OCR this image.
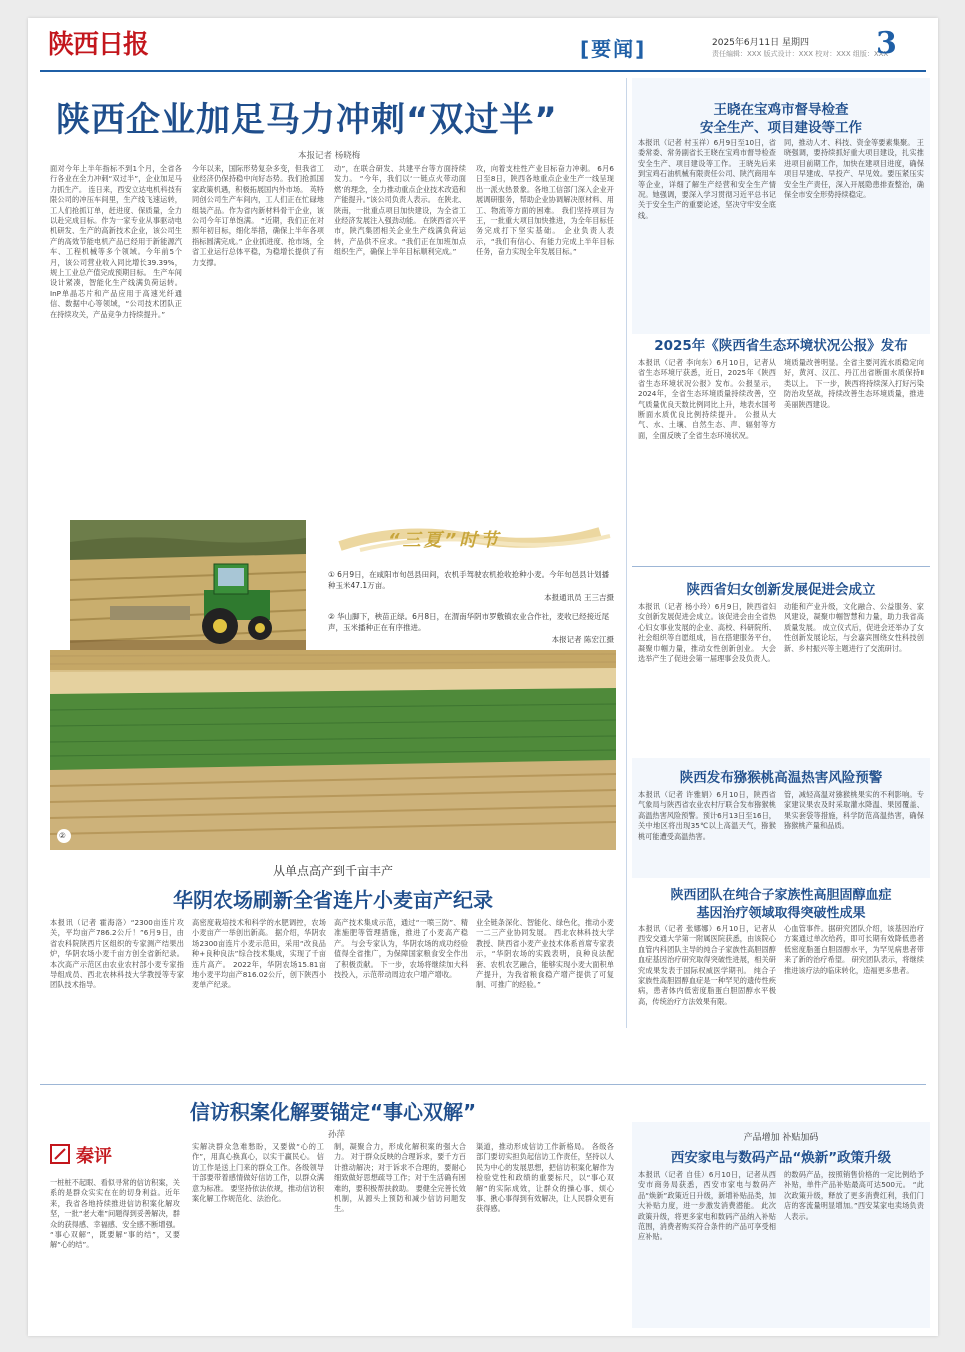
陕西日报	[要闻]	2025年6月11日 星期四
责任编辑：XXX 版式设计：XXX 校对：XXX 组版：XXX
3
陕西企业加足马力冲刺“双过半”
本报记者 杨晓梅
面对今年上半年指标不到1个月，全省各行各业在全力冲刺“双过半”，企业加足马力抓生产。 连日来，西安立达电机科技有限公司的冲压车间里，生产线飞速运转，工人们抢抓订单，赶进度、保质量，全力以赴完成目标。作为一家专业从事驱动电机研发、生产的高新技术企业，该公司生产的高效节能电机产品已经用于新能源汽车、工程机械等多个领域。今年前5个月，该公司营业收入同比增长39.39%，规上工业总产值完成预期目标。 生产车间设计紧凑，智能化生产线满负荷运转。 InP单晶芯片和产品应用于高速光纤通信、数据中心等领域，“公司技术团队正在持续攻关，产品竞争力持续提升。”
今年以来，国际形势复杂多变，但我省工业经济仍保持稳中向好态势。我们抢抓国家政策机遇，积极拓展国内外市场。 英特同创公司生产车间内，工人们正在忙碌地组装产品。作为省内新材料骨干企业，该公司今年订单饱满。 “近期，我们正在对照年初目标，细化举措，确保上半年各项指标圆满完成。” 企业抓进度、抢市场，全省工业运行总体平稳，为稳增长提供了有力支撑。
动”，在联合研发、共建平台等方面持续发力。 “今年，我们以‘一链点火带动面燃’的理念，全力推动重点企业技术改造和产能提升。”该公司负责人表示。 在陕北、陕南，一批重点项目加快建设，为全省工业经济发展注入强劲动能。 在陕西省兴平市，陕汽集团相关企业生产线满负荷运转，产品供不应求。“我们正在加班加点组织生产，确保上半年目标顺利完成。”
攻，向着支柱性产业目标奋力冲刺。 6月6日至8日，陕西各地重点企业生产一线呈现出一派火热景象。各地工信部门深入企业开展调研服务，帮助企业协调解决原材料、用工、物流等方面的困难。 我们坚持项目为王，一批重大项目加快推进，为全年目标任务完成打下坚实基础。 企业负责人表示，“我们有信心、有能力完成上半年目标任务，奋力实现全年发展目标。”
“三夏”时节
① 6月9日，在咸阳市旬邑县田间，农机手驾驶农机抢收抢种小麦。今年旬邑县计划播种玉米47.1万亩。
本报通讯员 王三吉摄
② 华山脚下，秧苗正绿。6月8日，在渭南华阴市罗敷镇农业合作社，麦收已经接近尾声，玉米播种正在有序推进。
本报记者 陈宏江摄
②
从单点高产到千亩丰产
华阴农场刷新全省连片小麦亩产纪录
本报讯（记者 霍海洛）“2300亩连片攻关，平均亩产786.2公斤！”6月9日，由省农科院陕西片区组织的专家测产结果出炉，华阴农场小麦千亩方创全省新纪录。 本次高产示范区由农业农村部小麦专家指导组成员、西北农林科技大学教授等专家团队技术指导。
高密度栽培技术和科学的水肥调控，农场小麦亩产一举创出新高。 据介绍，华阴农场2300亩连片小麦示范田，采用“改良品种+良种良法”综合技术集成，实现了千亩连片高产。 2022年，华阴农场15.81亩地小麦平均亩产816.02公斤，创下陕西小麦单产纪录。
高产技术集成示范，通过“一喷三防”、精准施肥等管理措施，推进了小麦高产稳产。 与会专家认为，华阴农场的成功经验值得全省推广，为保障国家粮食安全作出了积极贡献。 下一步，农场将继续加大科技投入，示范带动周边农户增产增收。
业全链条深化、智能化、绿色化，推动小麦一二三产业协同发展。 西北农林科技大学教授、陕西省小麦产业技术体系首席专家表示，“华阴农场的实践表明，良种良法配套、农机农艺融合，能够实现小麦大面积单产提升，为我省粮食稳产增产提供了可复制、可推广的经验。”
信访积案化解要锚定“事心双解”
孙萍
秦评
一桩桩不起眼、看似寻常的信访积案，关系的是群众实实在在的切身利益。近年来，我省各地持续推进信访积案化解攻坚，一批“老大难”问题得到妥善解决，群众的获得感、幸福感、安全感不断增强。 “事心双解”，既要解“事的结”，又要解“心的结”。
实解决群众急难愁盼，又要做“心的工作”，用真心换真心，以实干赢民心。 信访工作是送上门来的群众工作。各级领导干部要带着感情做好信访工作，以群众满意为标准。 要坚持依法依规，推动信访积案化解工作规范化、法治化。
制，凝聚合力，形成化解积案的强大合力。 对于群众反映的合理诉求，要千方百计推动解决；对于诉求不合理的，要耐心细致做好思想疏导工作；对于生活确有困难的，要积极帮扶救助。 要健全完善长效机制，从源头上预防和减少信访问题发生。
渠道，推动形成信访工作新格局。 各级各部门要切实担负起信访工作责任，坚持以人民为中心的发展思想，把信访积案化解作为检验党性和政绩的重要标尺，以“事心双解”的实际成效，让群众的操心事、烦心事、揪心事得到有效解决，让人民群众更有获得感。
王晓在宝鸡市督导检查
安全生产、项目建设等工作
本报讯（记者 村玉祥）6月9日至10日，省委常委、常务副省长王晓在宝鸡市督导检查安全生产、项目建设等工作。 王晓先后来到宝鸡石油机械有限责任公司、陕汽商用车等企业，详细了解生产经营和安全生产情况。她强调，要深入学习贯彻习近平总书记关于安全生产的重要论述，坚决守牢安全底线。
同，推动人才、科技、资金等要素集聚。 王晓强调，要持续抓好重大项目建设，扎实推进项目前期工作，加快在建项目进度，确保项目早建成、早投产、早见效。要压紧压实安全生产责任，深入开展隐患排查整治，确保全市安全形势持续稳定。
2025年《陕西省生态环境状况公报》发布
本报讯（记者 李向东）6月10日，记者从省生态环境厅获悉，近日，2025年《陕西省生态环境状况公报》发布。公报显示，2024年，全省生态环境质量持续改善，空气质量优良天数比例同比上升，地表水国考断面水质优良比例持续提升。 公报从大气、水、土壤、自然生态、声、辐射等方面，全面反映了全省生态环境状况。
境质量改善明显。全省主要河流水质稳定向好，黄河、汉江、丹江出省断面水质保持Ⅱ类以上。 下一步，陕西将持续深入打好污染防治攻坚战，持续改善生态环境质量，推进美丽陕西建设。
陕西省妇女创新发展促进会成立
本报讯（记者 杨小玲）6月9日，陕西省妇女创新发展促进会成立。该促进会由全省热心妇女事业发展的企业、高校、科研院所、社会组织等自愿组成，旨在搭建服务平台，凝聚巾帼力量，推动女性创新创业。 大会选举产生了促进会第一届理事会及负责人。
动能和产业升级，文化融合、公益服务、家风建设，凝聚巾帼智慧和力量，助力我省高质量发展。 成立仪式后，促进会还举办了女性创新发展论坛，与会嘉宾围绕女性科技创新、乡村振兴等主题进行了交流研讨。
陕西发布猕猴桃高温热害风险预警
本报讯（记者 许雅娟）6月10日，陕西省气象局与陕西省农业农村厅联合发布猕猴桃高温热害风险预警。预计6月13日至16日，关中地区将出现35℃以上高温天气，猕猴桃可能遭受高温热害。
管，减轻高温对猕猴桃果实的不利影响。专家建议果农及时采取灌水降温、果园覆盖、果实套袋等措施，科学防范高温热害，确保猕猴桃产量和品质。
陕西团队在纯合子家族性高胆固醇血症
基因治疗领域取得突破性成果
本报讯（记者 张娜娜）6月10日，记者从西安交通大学第一附属医院获悉，由该院心血管内科团队主导的纯合子家族性高胆固醇血症基因治疗研究取得突破性进展，相关研究成果发表于国际权威医学期刊。 纯合子家族性高胆固醇血症是一种罕见的遗传性疾病，患者体内低密度脂蛋白胆固醇水平极高，传统治疗方法效果有限。
心血管事件。据研究团队介绍，该基因治疗方案通过单次给药，即可长期有效降低患者低密度脂蛋白胆固醇水平，为罕见病患者带来了新的治疗希望。 研究团队表示，将继续推进该疗法的临床转化，造福更多患者。
产品增加 补贴加码
西安家电与数码产品“焕新”政策升级
本报讯（记者 自佳）6月10日，记者从西安市商务局获悉，西安市家电与数码产品“焕新”政策近日升级，新增补贴品类，加大补贴力度，进一步激发消费潜能。 此次政策升级，将更多家电和数码产品纳入补贴范围，消费者购买符合条件的产品可享受相应补贴。
的数码产品，按照销售价格的一定比例给予补贴，单件产品补贴最高可达500元。 “此次政策升级，释放了更多消费红利，我们门店的客流量明显增加。”西安某家电卖场负责人表示。
